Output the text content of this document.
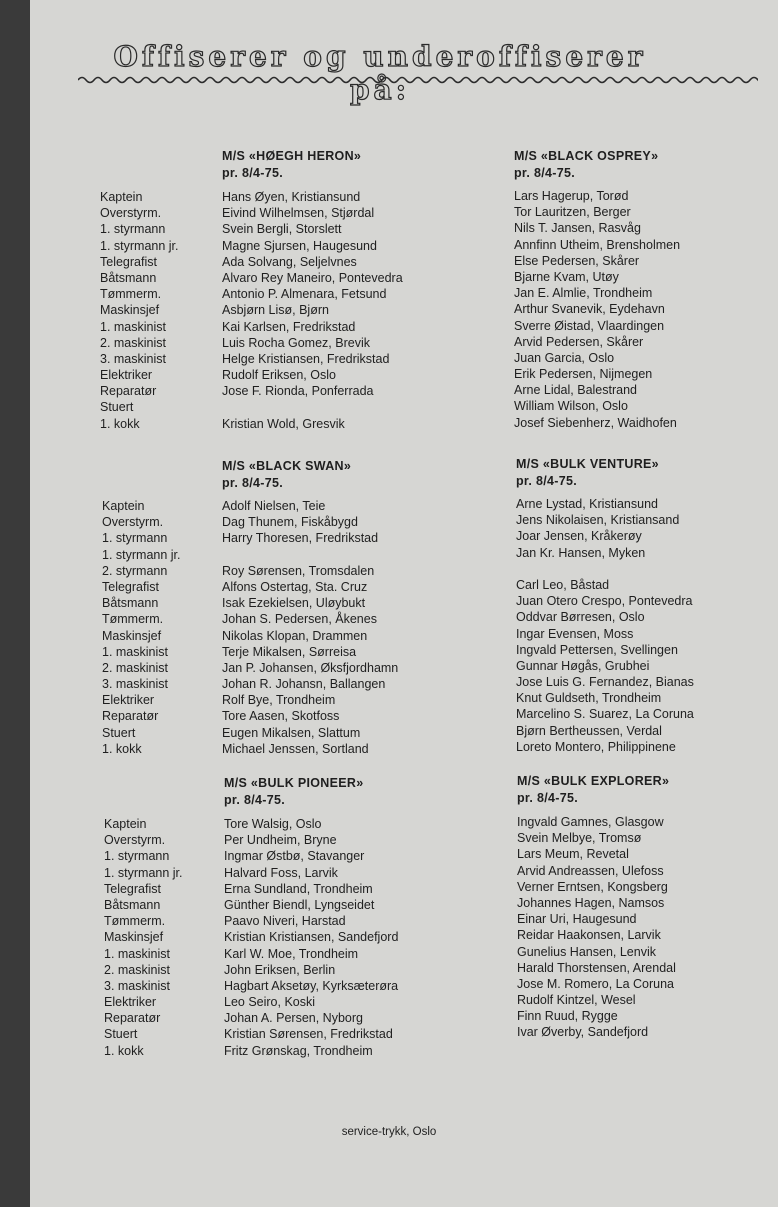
Offiserer og underoffiserer på:
M/S «HØEGH HERON»
pr. 8/4-75.
Kaptein
Overstyrm.
1. styrmann
1. styrmann jr.
Telegrafist
Båtsmann
Tømmerm.
Maskinsjef
1. maskinist
2. maskinist
3. maskinist
Elektriker
Reparatør
Stuert
1. kokk
Hans Øyen, Kristiansund
Eivind Wilhelmsen, Stjørdal
Svein Bergli, Storslett
Magne Sjursen, Haugesund
Ada Solvang, Seljelvnes
Alvaro Rey Maneiro, Pontevedra
Antonio P. Almenara, Fetsund
Asbjørn Lisø, Bjørn
Kai Karlsen, Fredrikstad
Luis Rocha Gomez, Brevik
Helge Kristiansen, Fredrikstad
Rudolf Eriksen, Oslo
Jose F. Rionda, Ponferrada
Kristian Wold, Gresvik
M/S «BLACK OSPREY»
pr. 8/4-75.
Lars Hagerup, Torød
Tor Lauritzen, Berger
Nils T. Jansen, Rasvåg
Annfinn Utheim, Brensholmen
Else Pedersen, Skårer
Bjarne Kvam, Utøy
Jan E. Almlie, Trondheim
Arthur Svanevik, Eydehavn
Sverre Øistad, Vlaardingen
Arvid Pedersen, Skårer
Juan Garcia, Oslo
Erik Pedersen, Nijmegen
Arne Lidal, Balestrand
William Wilson, Oslo
Josef Siebenherz, Waidhofen
M/S «BLACK SWAN»
pr. 8/4-75.
Kaptein
Overstyrm.
1. styrmann
1. styrmann jr.
2. styrmann
Telegrafist
Båtsmann
Tømmerm.
Maskinsjef
1. maskinist
2. maskinist
3. maskinist
Elektriker
Reparatør
Stuert
1. kokk
Adolf Nielsen, Teie
Dag Thunem, Fiskåbygd
Harry Thoresen, Fredrikstad
Roy Sørensen, Tromsdalen
Alfons Ostertag, Sta. Cruz
Isak Ezekielsen, Uløybukt
Johan S. Pedersen, Åkenes
Nikolas Klopan, Drammen
Terje Mikalsen, Sørreisa
Jan P. Johansen, Øksfjordhamn
Johan R. Johansn, Ballangen
Rolf Bye, Trondheim
Tore Aasen, Skotfoss
Eugen Mikalsen, Slattum
Michael Jenssen, Sortland
M/S «BULK VENTURE»
pr. 8/4-75.
Arne Lystad, Kristiansund
Jens Nikolaisen, Kristiansand
Joar Jensen, Kråkerøy
Jan Kr. Hansen, Myken
Carl Leo, Båstad
Juan Otero Crespo, Pontevedra
Oddvar Børresen, Oslo
Ingar Evensen, Moss
Ingvald Pettersen, Svellingen
Gunnar Høgås, Grubhei
Jose Luis G. Fernandez, Bianas
Knut Guldseth, Trondheim
Marcelino S. Suarez, La Coruna
Bjørn Bertheussen, Verdal
Loreto Montero, Philippinene
M/S «BULK PIONEER»
pr. 8/4-75.
Kaptein
Overstyrm.
1. styrmann
1. styrmann jr.
Telegrafist
Båtsmann
Tømmerm.
Maskinsjef
1. maskinist
2. maskinist
3. maskinist
Elektriker
Reparatør
Stuert
1. kokk
Tore Walsig, Oslo
Per Undheim, Bryne
Ingmar Østbø, Stavanger
Halvard Foss, Larvik
Erna Sundland, Trondheim
Günther Biendl, Lyngseidet
Paavo Niveri, Harstad
Kristian Kristiansen, Sandefjord
Karl W. Moe, Trondheim
John Eriksen, Berlin
Hagbart Aksetøy, Kyrksæterøra
Leo Seiro, Koski
Johan A. Persen, Nyborg
Kristian Sørensen, Fredrikstad
Fritz Grønskag, Trondheim
M/S «BULK EXPLORER»
pr. 8/4-75.
Ingvald Gamnes, Glasgow
Svein Melbye, Tromsø
Lars Meum, Revetal
Arvid Andreassen, Ulefoss
Verner Erntsen, Kongsberg
Johannes Hagen, Namsos
Einar Uri, Haugesund
Reidar Haakonsen, Larvik
Gunelius Hansen, Lenvik
Harald Thorstensen, Arendal
Jose M. Romero, La Coruna
Rudolf Kintzel, Wesel
Finn Ruud, Rygge
Ivar Øverby, Sandefjord
service-trykk, Oslo
